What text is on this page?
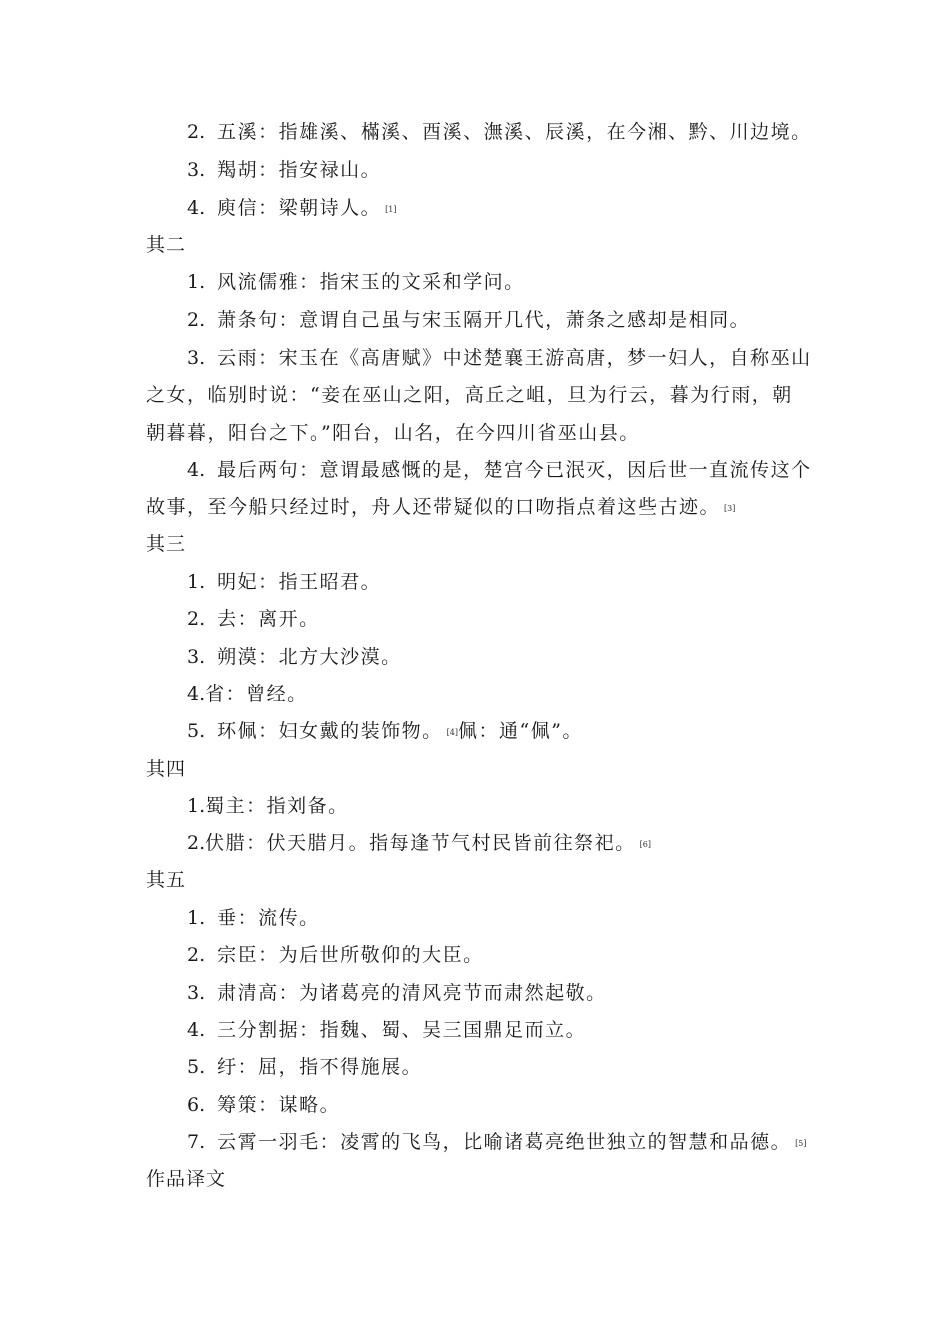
2. 五溪：指雄溪、樠溪、酉溪、潕溪、辰溪，在今湘、黔、川边境。
3. 羯胡：指安禄山。
4. 庾信：梁朝诗人。 [1]
其二
1. 风流儒雅：指宋玉的文采和学问。
2. 萧条句：意谓自己虽与宋玉隔开几代，萧条之感却是相同。
3. 云雨：宋玉在《高唐赋》中述楚襄王游高唐，梦一妇人，自称巫山
之女，临别时说：“妾在巫山之阳，高丘之岨，旦为行云，暮为行雨，朝
朝暮暮，阳台之下。”阳台，山名，在今四川省巫山县。
4. 最后两句：意谓最感慨的是，楚宫今已泯灭，因后世一直流传这个
故事，至今船只经过时，舟人还带疑似的口吻指点着这些古迹。 [3]
其三
1. 明妃：指王昭君。
2. 去：离开。
3. 朔漠：北方大沙漠。
4.省：曾经。
5. 环佩：妇女戴的装饰物。 [4]佩：通“佩”。
其四
1.蜀主：指刘备。
2.伏腊：伏天腊月。指每逢节气村民皆前往祭祀。 [6]
其五
1. 垂：流传。
2. 宗臣：为后世所敬仰的大臣。
3. 肃清高：为诸葛亮的清风亮节而肃然起敬。
4. 三分割据：指魏、蜀、吴三国鼎足而立。
5. 纡：屈，指不得施展。
6. 筹策：谋略。
7. 云霄一羽毛：凌霄的飞鸟，比喻诸葛亮绝世独立的智慧和品德。 [5]
作品译文
